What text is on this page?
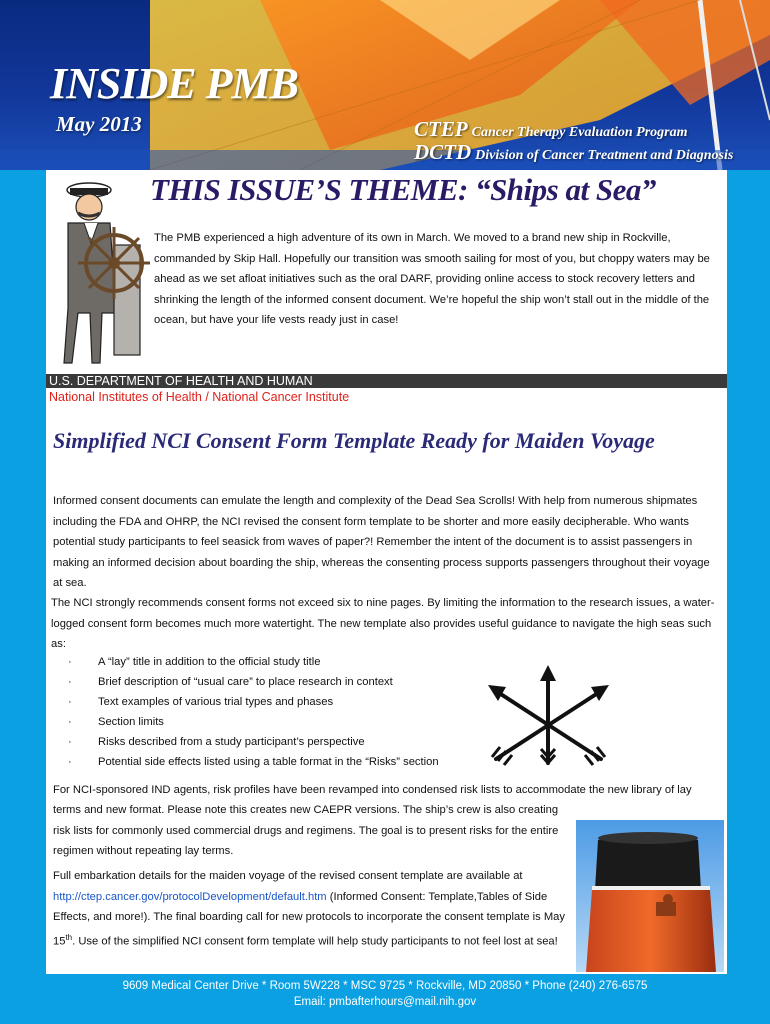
INSIDE PMB
May 2013	CTEP Cancer Therapy Evaluation Program
DCTD Division of Cancer Treatment and Diagnosis
THIS ISSUE’S THEME: “Ships at Sea”

The PMB experienced a high adventure of its own in March. We moved to a brand new ship in Rockville, commanded by Skip Hall. Hopefully our transition was smooth sailing for most of you, but choppy waters may be ahead as we set afloat initiatives such as the oral DARF, providing online access to stock recovery letters and shrinking the length of the informed consent document. We’re hopeful the ship won’t stall out in the middle of the ocean, but have your life vests ready just in case!

U.S. DEPARTMENT OF HEALTH AND HUMAN
National Institutes of Health / National Cancer Institute
Simplified NCI Consent Form Template Ready for Maiden Voyage

Informed consent documents can emulate the length and complexity of the Dead Sea Scrolls! With help from numerous shipmates including the FDA and OHRP, the NCI revised the consent form template to be shorter and more easily decipherable. Who wants potential study participants to feel seasick from waves of paper?! Remember the intent of the document is to assist passengers in making an informed decision about boarding the ship, whereas the consenting process supports passengers throughout their voyage at sea.

The NCI strongly recommends consent forms not exceed six to nine pages. By limiting the information to the research issues, a water-logged consent form becomes much more watertight. The new template also provides useful guidance to navigate the high seas such as:

· A “lay” title in addition to the official study title
· Brief description of “usual care” to place research in context
· Text examples of various trial types and phases
· Section limits
· Risks described from a study participant’s perspective
· Potential side effects listed using a table format in the “Risks” section

For NCI-sponsored IND agents, risk profiles have been revamped into condensed risk lists to accommodate the new library of lay

terms and new format. Please note this creates new CAEPR versions. The ship’s crew is also creating risk lists for commonly used commercial drugs and regimens. The goal is to present risks for the entire regimen without repeating lay terms.

Full embarkation details for the maiden voyage of the revised consent template are available at http://ctep.cancer.gov/protocolDevelopment/default.htm (Informed Consent: Template,Tables of Side Effects, and more!). The final boarding call for new protocols to incorporate the consent template is May 15th. Use of the simplified NCI consent form template will help study participants to not feel lost at sea!

9609 Medical Center Drive * Room 5W228 * MSC 9725 * Rockville, MD 20850 * Phone (240) 276-6575
Email: pmbafterhours@mail.nih.gov
